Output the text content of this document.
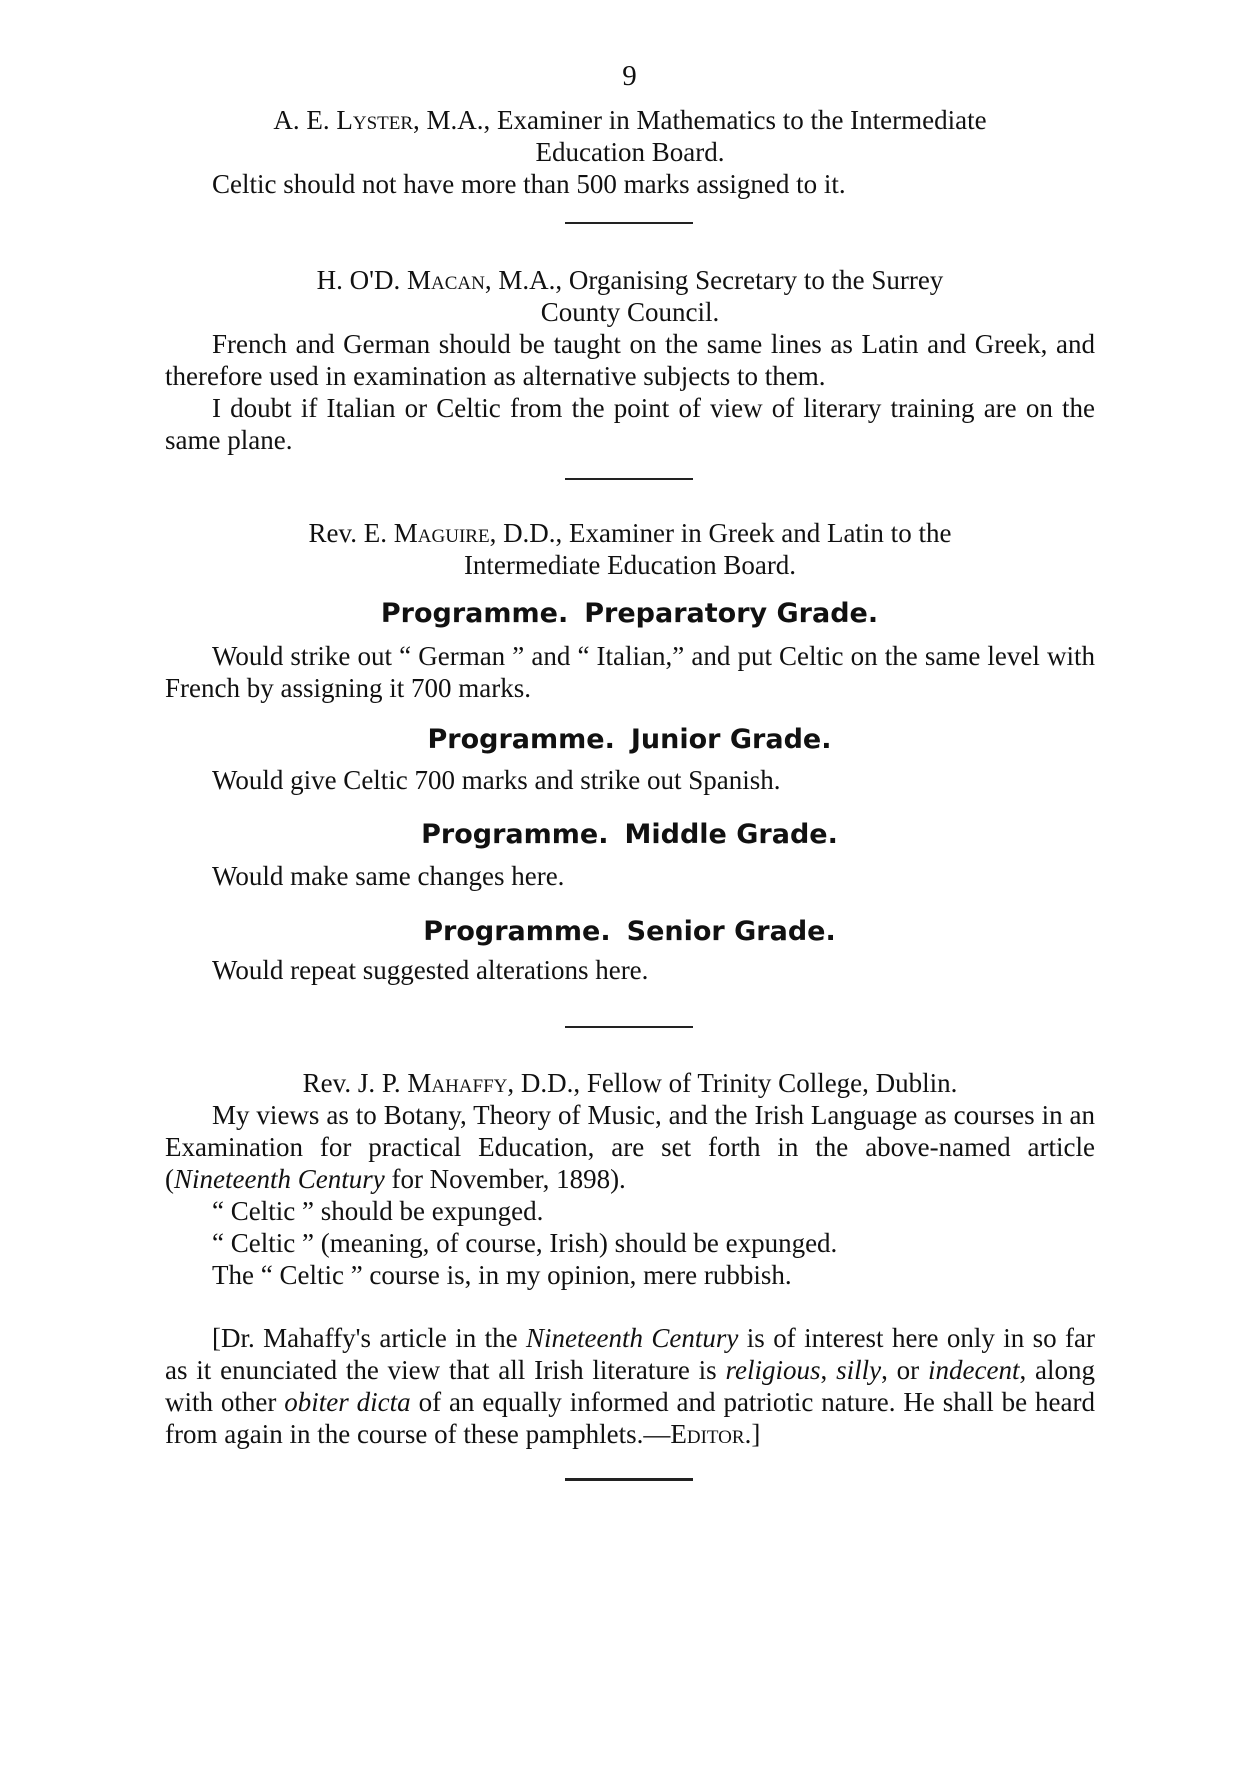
9

A. E. Lyster, M.A., Examiner in Mathematics to the Intermediate

Education Board.

Celtic should not have more than 500 marks assigned to it.

H. O'D. Macan, M.A., Organising Secretary to the Surrey

County Council.

French and German should be taught on the same lines as Latin and Greek, and therefore used in examination as alternative subjects to them.

I doubt if Italian or Celtic from the point of view of literary training are on the same plane.

Rev. E. Maguire, D.D., Examiner in Greek and Latin to the

Intermediate Education Board.

Programme. Preparatory Grade.

Would strike out “ German ” and “ Italian,” and put Celtic on the same level with French by assigning it 700 marks.

Programme. Junior Grade.

Would give Celtic 700 marks and strike out Spanish.

Programme. Middle Grade.

Would make same changes here.

Programme. Senior Grade.

Would repeat suggested alterations here.

Rev. J. P. Mahaffy, D.D., Fellow of Trinity College, Dublin.

My views as to Botany, Theory of Music, and the Irish Language as courses in an Examination for practical Education, are set forth in the above-named article (Nineteenth Century for November, 1898).

“ Celtic ” should be expunged.

“ Celtic ” (meaning, of course, Irish) should be expunged.

The “ Celtic ” course is, in my opinion, mere rubbish.

[Dr. Mahaffy's article in the Nineteenth Century is of interest here only in so far as it enunciated the view that all Irish literature is religious, silly, or indecent, along with other obiter dicta of an equally informed and patriotic nature. He shall be heard from again in the course of these pamphlets.—Editor.]
